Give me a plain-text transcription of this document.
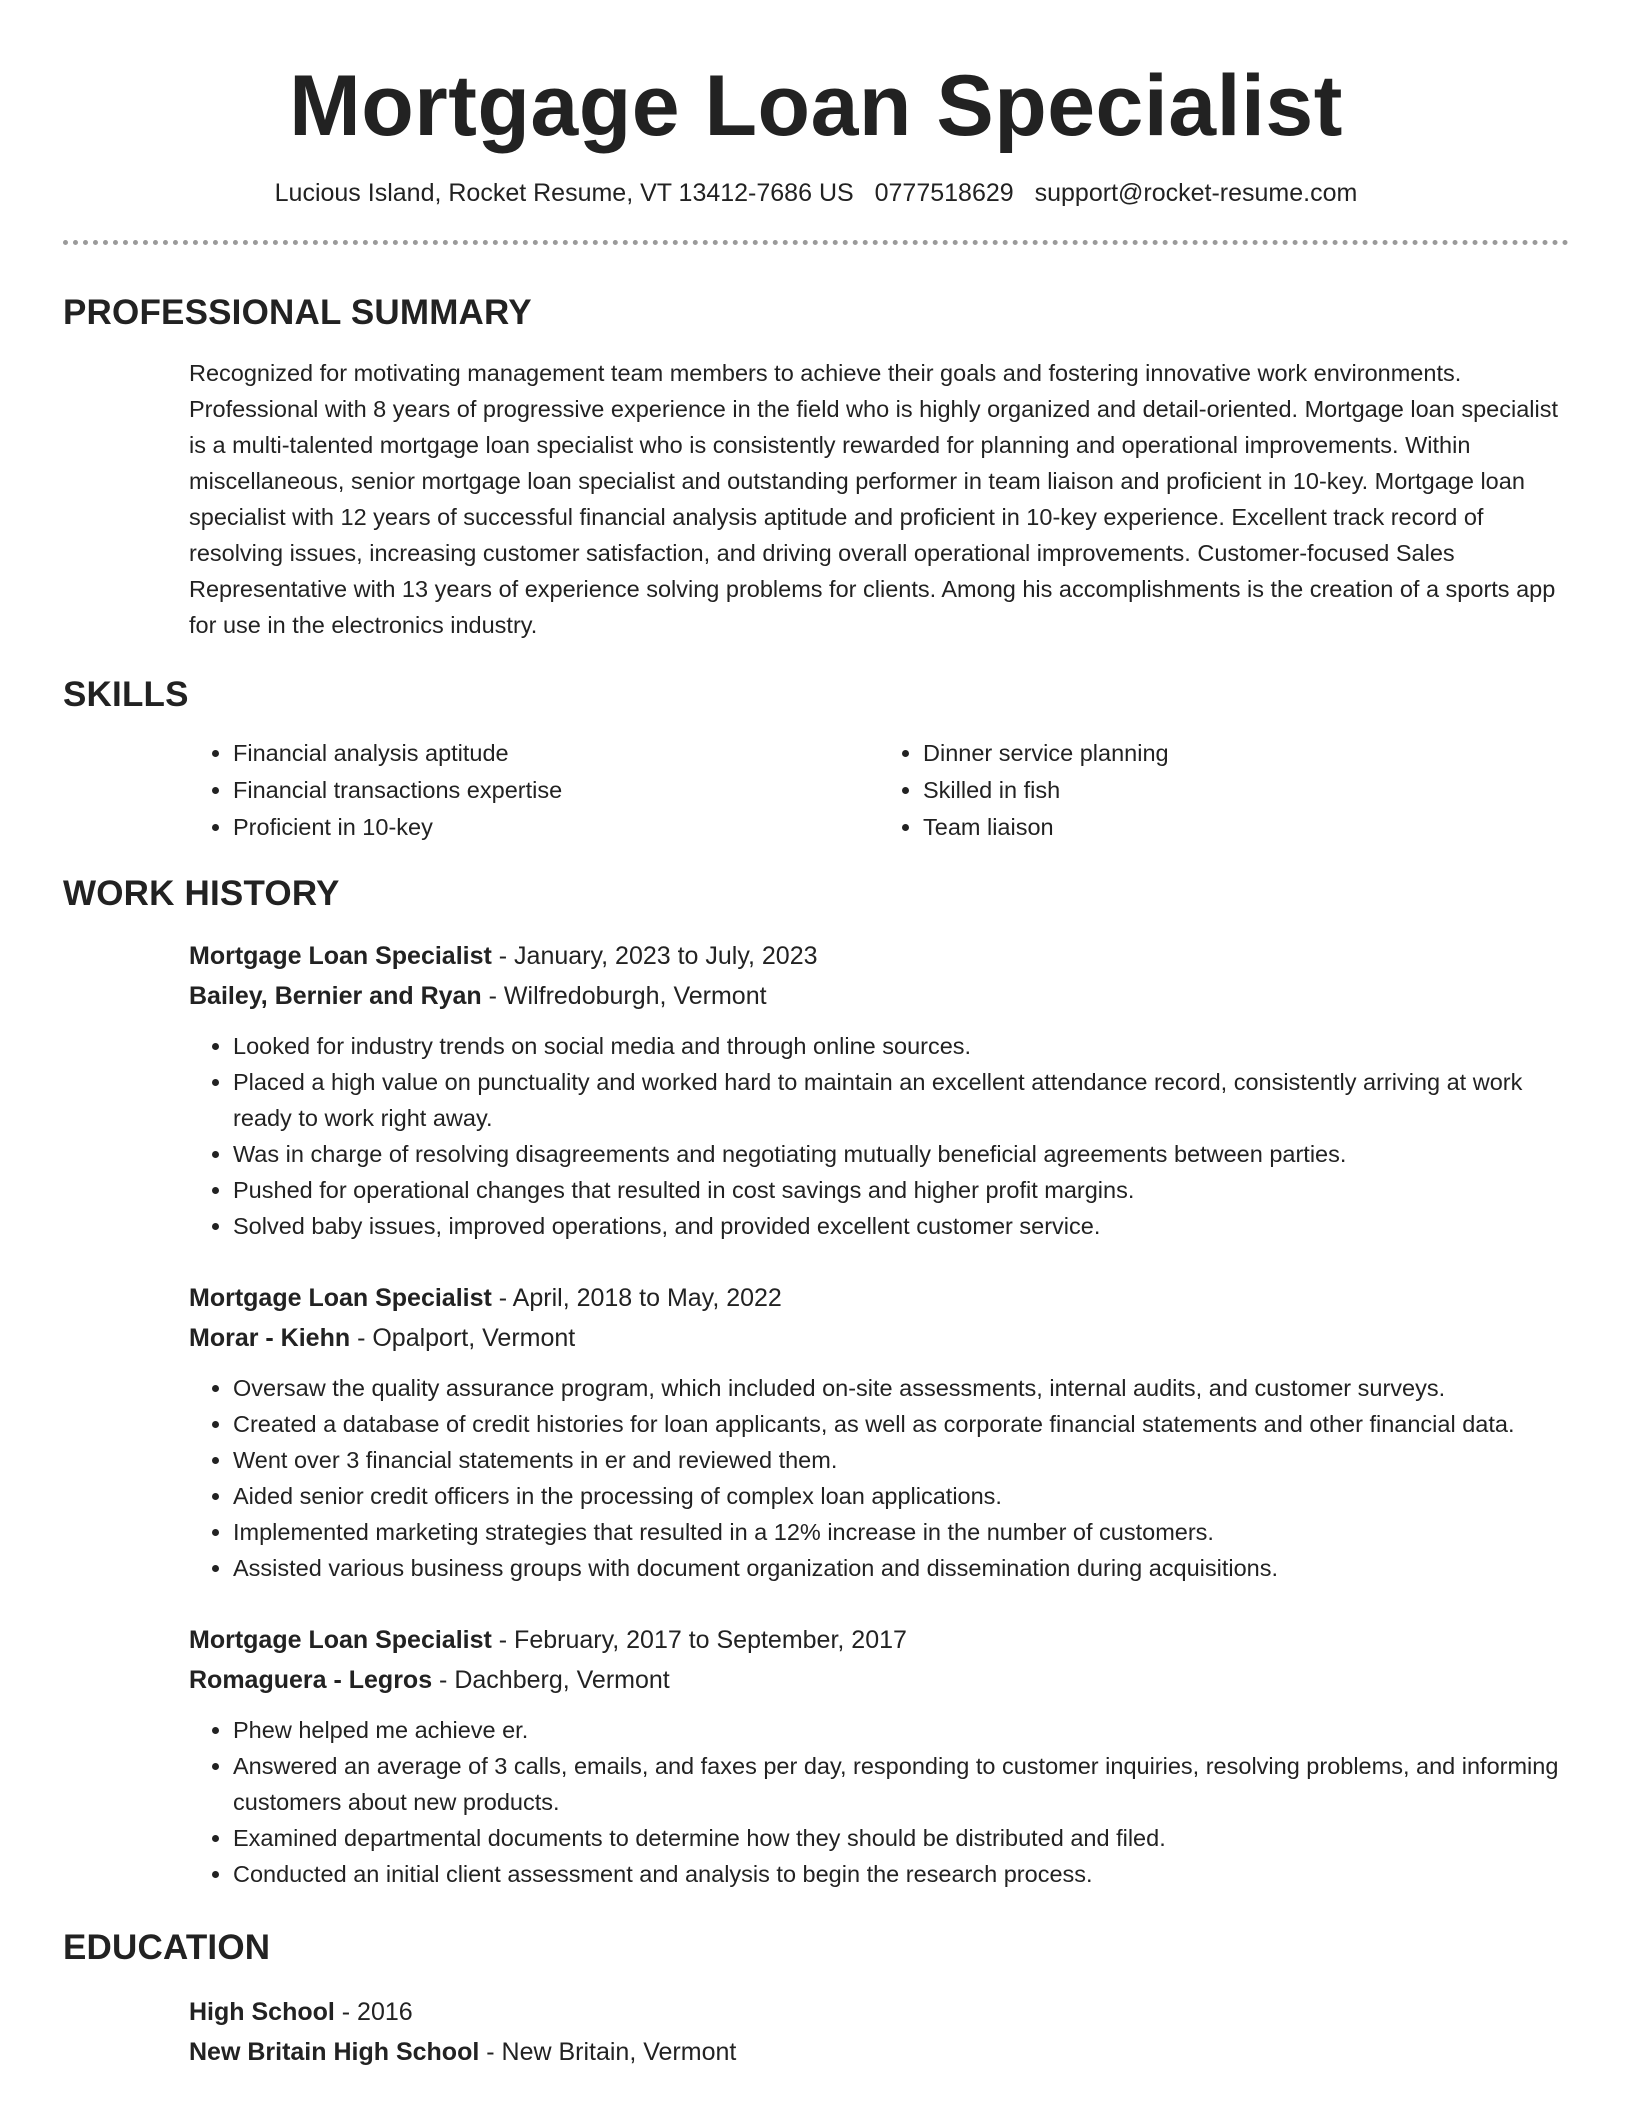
Mortgage Loan Specialist
Lucious Island, Rocket Resume, VT 13412-7686 US 0777518629 support@rocket-resume.com
PROFESSIONAL SUMMARY

Recognized for motivating management team members to achieve their goals and fostering innovative work environments. Professional with 8 years of progressive experience in the field who is highly organized and detail-oriented. Mortgage loan specialist is a multi-talented mortgage loan specialist who is consistently rewarded for planning and operational improvements. Within miscellaneous, senior mortgage loan specialist and outstanding performer in team liaison and proficient in 10-key. Mortgage loan specialist with 12 years of successful financial analysis aptitude and proficient in 10-key experience. Excellent track record of resolving issues, increasing customer satisfaction, and driving overall operational improvements. Customer-focused Sales Representative with 13 years of experience solving problems for clients. Among his accomplishments is the creation of a sports app for use in the electronics industry.

SKILLS
• Financial analysis aptitude
• Financial transactions expertise
• Proficient in 10-key
• Dinner service planning
• Skilled in fish
• Team liaison
WORK HISTORY
Mortgage Loan Specialist - January, 2023 to July, 2023
Bailey, Bernier and Ryan - Wilfredoburgh, Vermont
• Looked for industry trends on social media and through online sources.
• Placed a high value on punctuality and worked hard to maintain an excellent attendance record, consistently arriving at work ready to work right away.
• Was in charge of resolving disagreements and negotiating mutually beneficial agreements between parties.
• Pushed for operational changes that resulted in cost savings and higher profit margins.
• Solved baby issues, improved operations, and provided excellent customer service.
Mortgage Loan Specialist - April, 2018 to May, 2022
Morar - Kiehn - Opalport, Vermont
• Oversaw the quality assurance program, which included on-site assessments, internal audits, and customer surveys.
• Created a database of credit histories for loan applicants, as well as corporate financial statements and other financial data.
• Went over 3 financial statements in er and reviewed them.
• Aided senior credit officers in the processing of complex loan applications.
• Implemented marketing strategies that resulted in a 12% increase in the number of customers.
• Assisted various business groups with document organization and dissemination during acquisitions.
Mortgage Loan Specialist - February, 2017 to September, 2017
Romaguera - Legros - Dachberg, Vermont
• Phew helped me achieve er.
• Answered an average of 3 calls, emails, and faxes per day, responding to customer inquiries, resolving problems, and informing customers about new products.
• Examined departmental documents to determine how they should be distributed and filed.
• Conducted an initial client assessment and analysis to begin the research process.
EDUCATION
High School - 2016
New Britain High School - New Britain, Vermont
